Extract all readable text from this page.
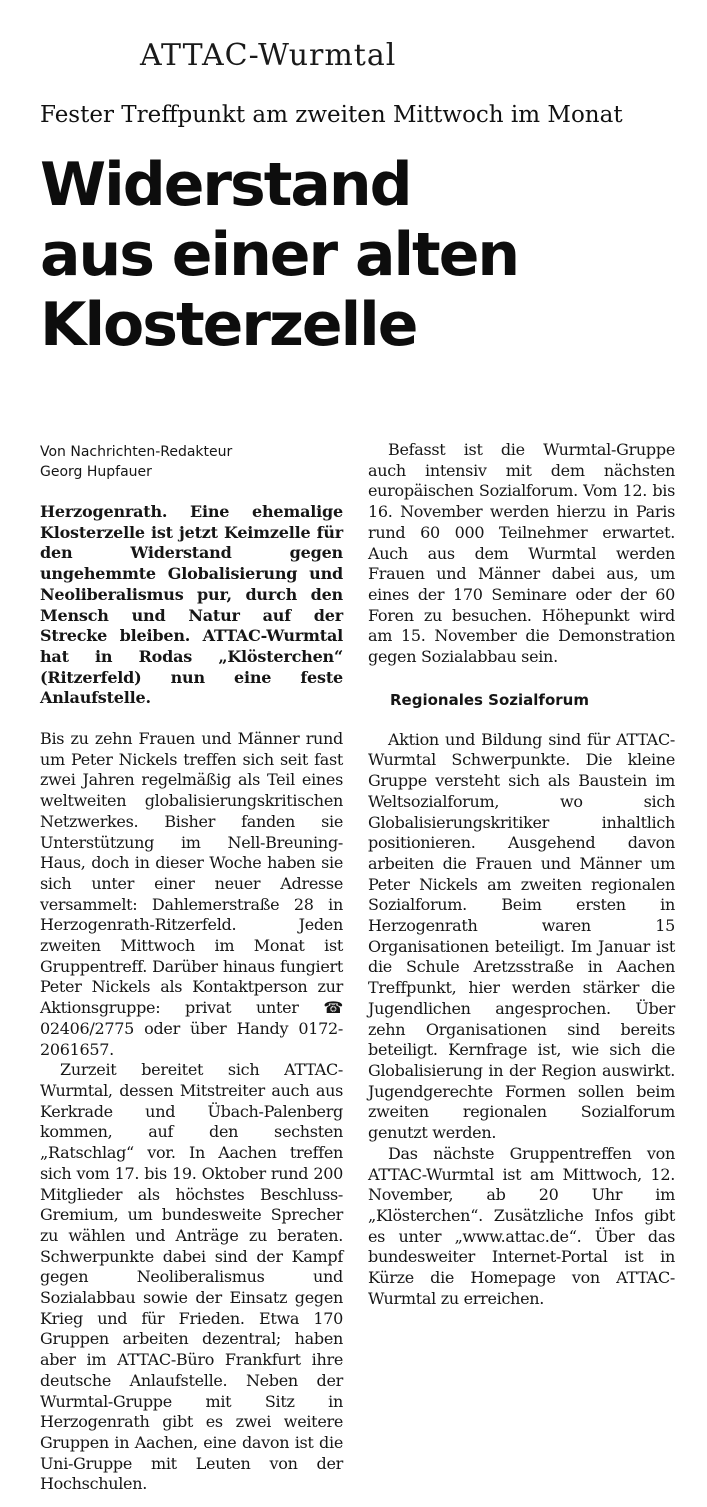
ATTAC-Wurmtal
Fester Treffpunkt am zweiten Mittwoch im Monat
Widerstand
aus einer alten
Klosterzelle
Von Nachrichten-Redakteur
Georg Hupfauer

Herzogenrath. Eine ehemalige Klosterzelle ist jetzt Keimzelle für den Widerstand gegen ungehemmte Globalisierung und Neoliberalismus pur, durch den Mensch und Natur auf der Strecke bleiben. ATTAC-Wurmtal hat in Rodas „Klösterchen“ (Ritzerfeld) nun eine feste Anlaufstelle.

Bis zu zehn Frauen und Männer rund um Peter Nickels treffen sich seit fast zwei Jahren regelmäßig als Teil eines weltweiten globalisierungskritischen Netzwerkes. Bisher fanden sie Unterstützung im Nell-Breuning-Haus, doch in dieser Woche haben sie sich unter einer neuer Adresse versammelt: Dahlemerstraße 28 in Herzogenrath-Ritzerfeld. Jeden zweiten Mittwoch im Monat ist Gruppentreff. Darüber hinaus fungiert Peter Nickels als Kontaktperson zur Aktionsgruppe: privat unter ☎ 02406/2775 oder über Handy 0172-2061657.

Zurzeit bereitet sich ATTAC-Wurmtal, dessen Mitstreiter auch aus Kerkrade und Übach-Palenberg kommen, auf den sechsten „Ratschlag“ vor. In Aachen treffen sich vom 17. bis 19. Oktober rund 200 Mitglieder als höchstes Beschluss-Gremium, um bundesweite Sprecher zu wählen und Anträge zu beraten. Schwerpunkte dabei sind der Kampf gegen Neoliberalismus und Sozialabbau sowie der Einsatz gegen Krieg und für Frieden. Etwa 170 Gruppen arbeiten dezentral; haben aber im ATTAC-Büro Frankfurt ihre deutsche Anlaufstelle. Neben der Wurmtal-Gruppe mit Sitz in Herzogenrath gibt es zwei weitere Gruppen in Aachen, eine davon ist die Uni-Gruppe mit Leuten von der Hochschulen.

Befasst ist die Wurmtal-Gruppe auch intensiv mit dem nächsten europäischen Sozialforum. Vom 12. bis 16. November werden hierzu in Paris rund 60 000 Teilnehmer erwartet. Auch aus dem Wurmtal werden Frauen und Männer dabei aus, um eines der 170 Seminare oder der 60 Foren zu besuchen. Höhepunkt wird am 15. November die Demonstration gegen Sozialabbau sein.

Regionales Sozialforum

Aktion und Bildung sind für ATTAC-Wurmtal Schwerpunkte. Die kleine Gruppe versteht sich als Baustein im Weltsozialforum, wo sich Globalisierungskritiker inhaltlich positionieren. Ausgehend davon arbeiten die Frauen und Männer um Peter Nickels am zweiten regionalen Sozialforum. Beim ersten in Herzogenrath waren 15 Organisationen beteiligt. Im Januar ist die Schule Aretzsstraße in Aachen Treffpunkt, hier werden stärker die Jugendlichen angesprochen. Über zehn Organisationen sind bereits beteiligt. Kernfrage ist, wie sich die Globalisierung in der Region auswirkt. Jugendgerechte Formen sollen beim zweiten regionalen Sozialforum genutzt werden.

Das nächste Gruppentreffen von ATTAC-Wurmtal ist am Mittwoch, 12. November, ab 20 Uhr im „Klösterchen“. Zusätzliche Infos gibt es unter „www.attac.de“. Über das bundesweiter Internet-Portal ist in Kürze die Homepage von ATTAC-Wurmtal zu erreichen.
